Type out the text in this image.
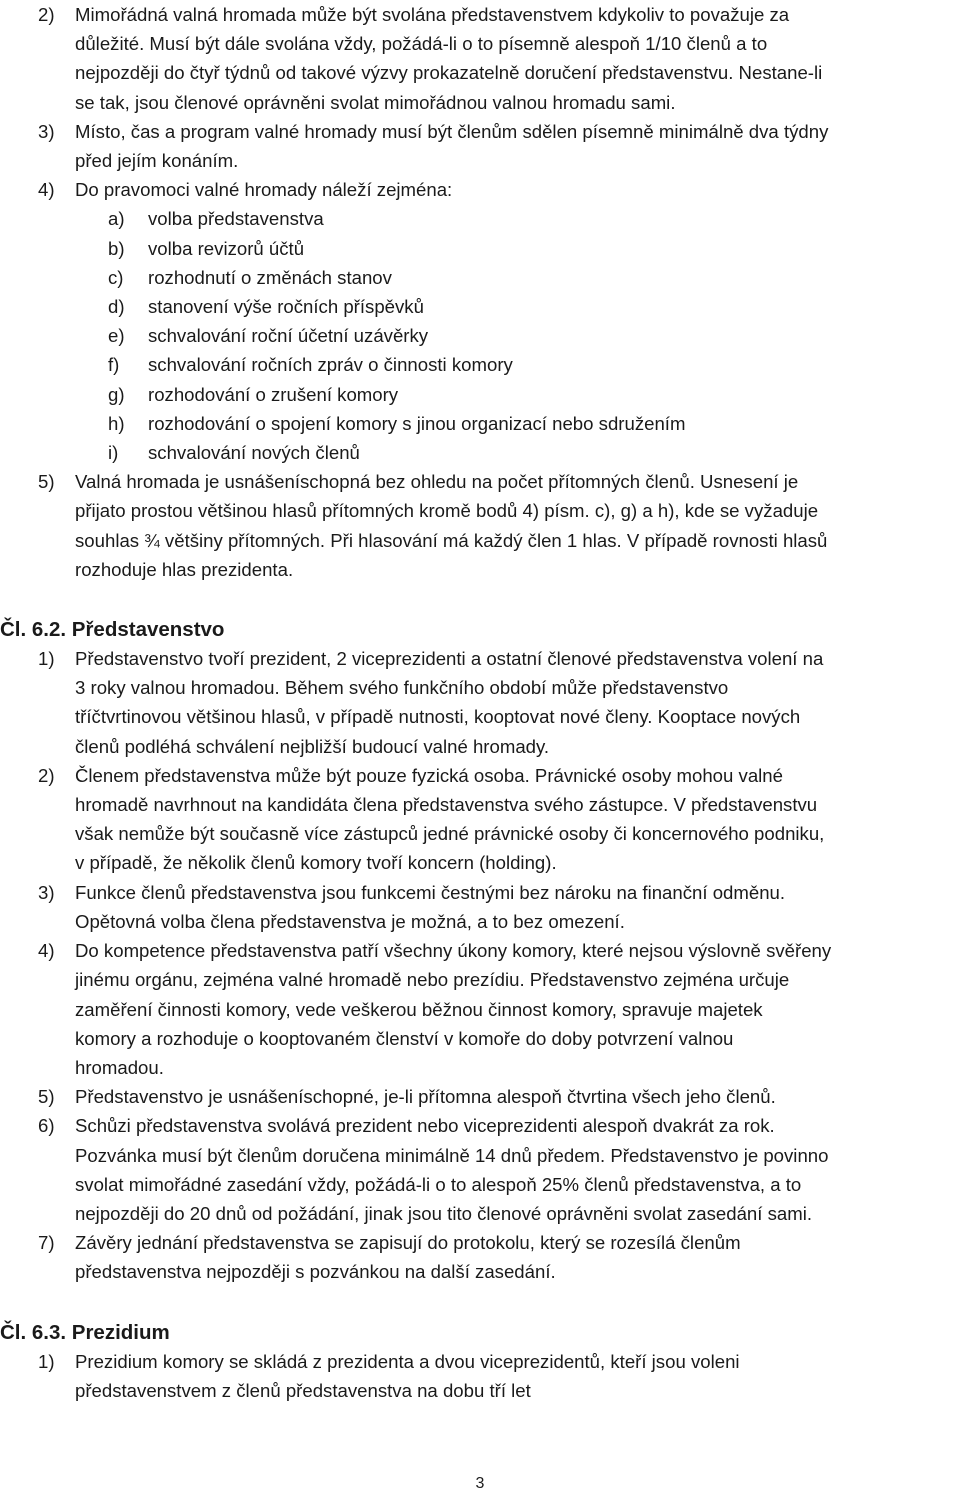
2)	Mimořádná valná hromada může být svolána představenstvem kdykoliv to považuje za
důležité. Musí být dále svolána vždy, požádá-li o to písemně alespoň 1/10 členů a to
nejpozději do čtyř týdnů od takové výzvy prokazatelně doručení představenstvu. Nestane-li
se tak, jsou členové oprávněni svolat mimořádnou valnou hromadu sami.
3)	Místo, čas a program valné hromady musí být členům sdělen písemně minimálně dva týdny
před jejím konáním.
4)	Do pravomoci valné hromady náleží zejména:
a)	volba představenstva
b)	volba revizorů účtů
c)	rozhodnutí o změnách stanov
d)	stanovení výše ročních příspěvků
e)	schvalování roční účetní uzávěrky
f)	schvalování ročních zpráv o činnosti komory
g)	rozhodování o zrušení komory
h)	rozhodování o spojení komory s jinou organizací nebo sdružením
i)	schvalování nových členů
5)	Valná hromada je usnášeníschopná bez ohledu na počet přítomných členů. Usnesení je
přijato prostou většinou hlasů přítomných kromě bodů 4) písm. c), g) a h), kde se vyžaduje
souhlas ¾ většiny přítomných. Při hlasování má každý člen 1 hlas. V případě rovnosti hlasů
rozhoduje hlas prezidenta.
Čl. 6.2. Představenstvo
1)	Představenstvo tvoří prezident, 2 viceprezidenti a ostatní členové představenstva volení na
3 roky valnou hromadou. Během svého funkčního období může představenstvo
tříčtvrtinovou většinou hlasů, v případě nutnosti, kooptovat nové členy. Kooptace nových
členů podléhá schválení nejbližší budoucí valné hromady.
2)	Členem představenstva může být pouze fyzická osoba. Právnické osoby mohou valné
hromadě navrhnout na kandidáta člena představenstva svého zástupce. V představenstvu
však nemůže být současně více zástupců jedné právnické osoby či koncernového podniku,
v případě, že několik členů komory tvoří koncern (holding).
3)	Funkce členů představenstva jsou funkcemi čestnými bez nároku na finanční odměnu.
Opětovná volba člena představenstva je možná, a to bez omezení.
4)	Do kompetence představenstva patří všechny úkony komory, které nejsou výslovně svěřeny
jinému orgánu, zejména valné hromadě nebo prezídiu. Představenstvo zejména určuje
zaměření činnosti komory, vede veškerou běžnou činnost komory, spravuje majetek
komory a rozhoduje o kooptovaném členství v komoře do doby potvrzení valnou
hromadou.
5)	Představenstvo je usnášeníschopné, je-li přítomna alespoň čtvrtina všech jeho členů.
6)	Schůzi představenstva svolává prezident nebo viceprezidenti alespoň dvakrát za rok.
Pozvánka musí být členům doručena minimálně 14 dnů předem. Představenstvo je povinno
svolat mimořádné zasedání vždy, požádá-li o to alespoň 25% členů představenstva, a to
nejpozději do 20 dnů od požádání, jinak jsou tito členové oprávněni svolat zasedání sami.
7)	Závěry jednání představenstva se zapisují do protokolu, který se rozesílá členům
představenstva nejpozději s pozvánkou na další zasedání.
Čl. 6.3. Prezidium
1)	Prezidium komory se skládá z prezidenta a dvou viceprezidentů, kteří jsou voleni
představenstvem z členů představenstva na dobu tří let
3
